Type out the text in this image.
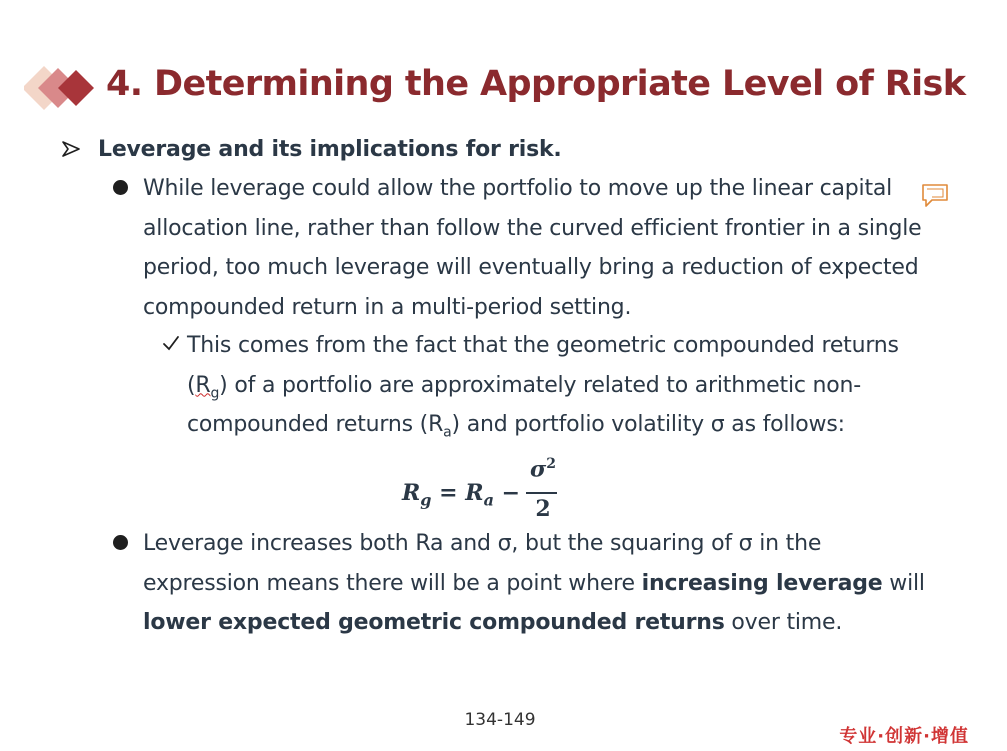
4. Determining the Appropriate Level of Risk
Leverage and its implications for risk.
While leverage could allow the portfolio to move up the linear capital allocation line, rather than follow the curved efficient frontier in a single period, too much leverage will eventually bring a reduction of expected compounded return in a multi-period setting.
This comes from the fact that the geometric compounded returns $(R_g)$ of a portfolio are approximately related to arithmetic non-compounded returns $(R_a)$ and portfolio volatility σ as follows:
$R_g = R_a$ −
$\sigma^2$
2
Leverage increases both Ra and σ, but the squaring of σ in the expression means there will be a point where increasing leverage will lower expected geometric compounded returns over time.
134-149
专业·创新·增值
